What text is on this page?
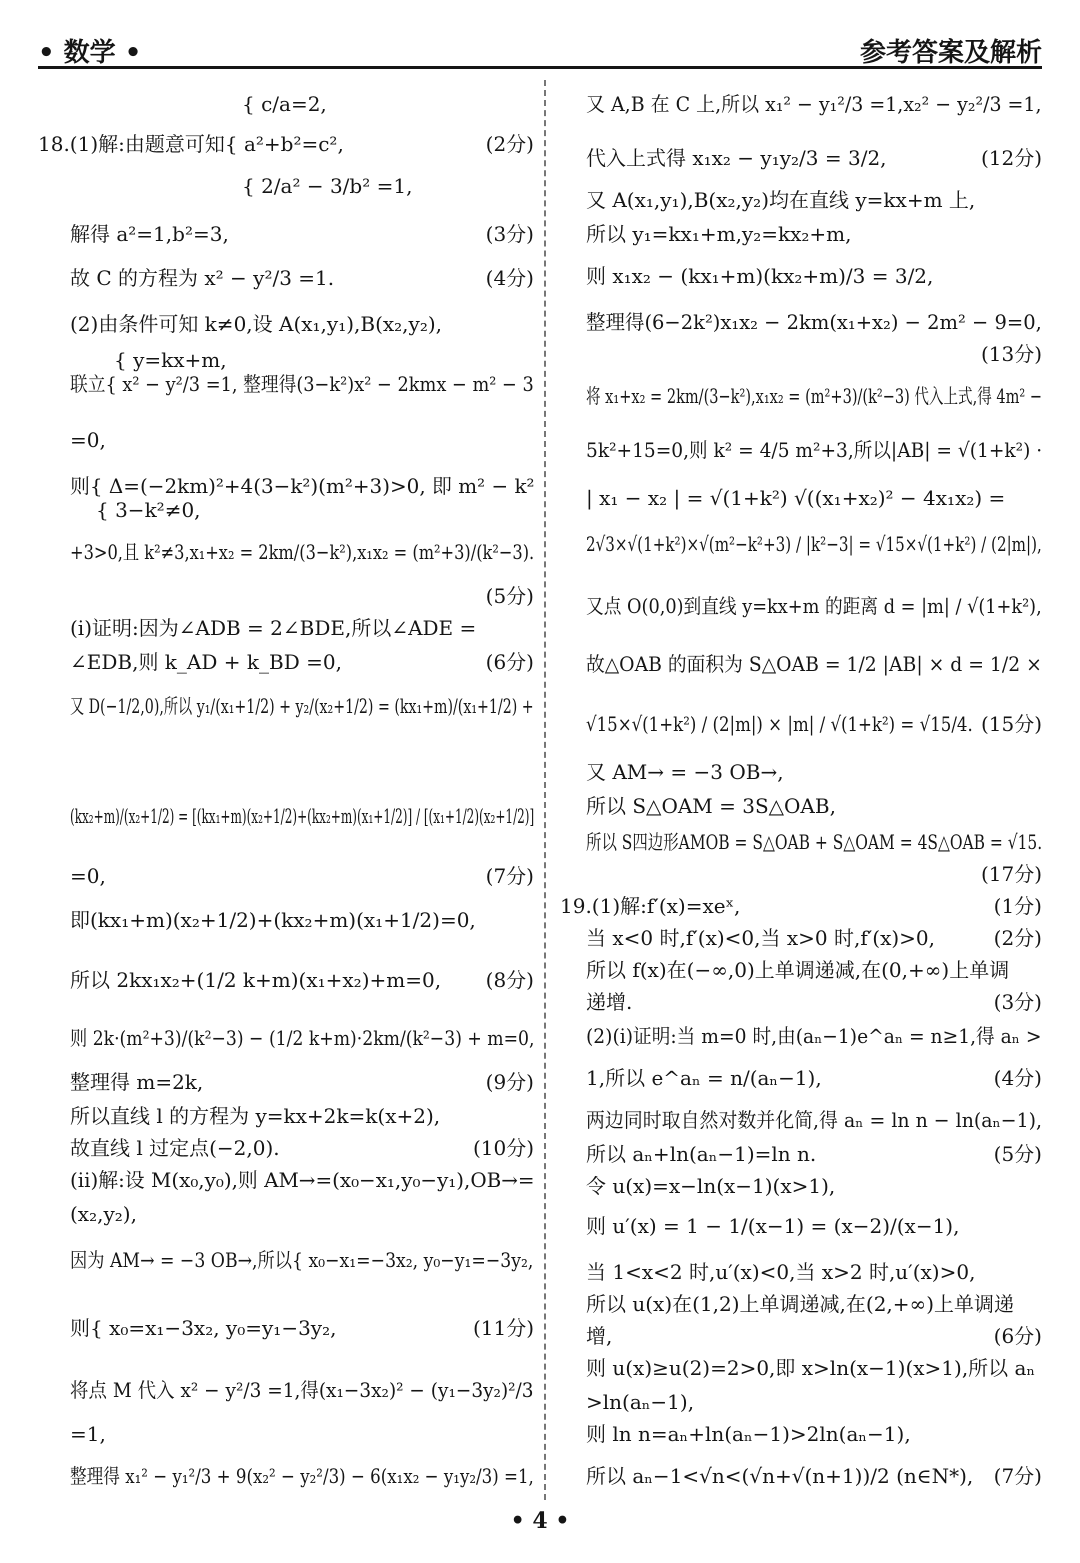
• 数学 •	参考答案及解析
{ c/a=2,
18.(1)解:由题意可知{ a²+b²=c²,	(2分)
{ 2/a² − 3/b² =1,
解得 a²=1,b²=3,	(3分)
故 C 的方程为 x² − y²/3 =1.	(4分)
(2)由条件可知 k≠0,设 A(x₁,y₁),B(x₂,y₂),
{ y=kx+m,
联立{ x² − y²/3 =1, 整理得(3−k²)x² − 2kmx − m² − 3
=0,
则{ Δ=(−2km)²+4(3−k²)(m²+3)>0, 即 m² − k²
{ 3−k²≠0,
+3>0,且 k²≠3,x₁+x₂ = 2km/(3−k²),x₁x₂ = (m²+3)/(k²−3).
(5分)
(i)证明:因为∠ADB = 2∠BDE,所以∠ADE =
∠EDB,则 k_AD + k_BD =0,	(6分)
又 D(−1/2,0),所以 y₁/(x₁+1/2) + y₂/(x₂+1/2) = (kx₁+m)/(x₁+1/2) +
(kx₂+m)/(x₂+1/2) = [(kx₁+m)(x₂+1/2)+(kx₂+m)(x₁+1/2)] / [(x₁+1/2)(x₂+1/2)]
=0,	(7分)
即(kx₁+m)(x₂+1/2)+(kx₂+m)(x₁+1/2)=0,
所以 2kx₁x₂+(1/2 k+m)(x₁+x₂)+m=0, (8分)
则 2k·(m²+3)/(k²−3) − (1/2 k+m)·2km/(k²−3) + m=0,
整理得 m=2k,	(9分)
所以直线 l 的方程为 y=kx+2k=k(x+2),
故直线 l 过定点(−2,0).	(10分)
(ii)解:设 M(x₀,y₀),则 AM→=(x₀−x₁,y₀−y₁),OB→=
(x₂,y₂),
因为 AM→ = −3 OB→,所以{ x₀−x₁=−3x₂, y₀−y₁=−3y₂,
则{ x₀=x₁−3x₂, y₀=y₁−3y₂,	(11分)
将点 M 代入 x² − y²/3 =1,得(x₁−3x₂)² − (y₁−3y₂)²/3
=1,
整理得 x₁² − y₁²/3 + 9(x₂² − y₂²/3) − 6(x₁x₂ − y₁y₂/3) =1,
又 A,B 在 C 上,所以 x₁² − y₁²/3 =1,x₂² − y₂²/3 =1,
代入上式得 x₁x₂ − y₁y₂/3 = 3/2,	(12分)
又 A(x₁,y₁),B(x₂,y₂)均在直线 y=kx+m 上,
所以 y₁=kx₁+m,y₂=kx₂+m,
则 x₁x₂ − (kx₁+m)(kx₂+m)/3 = 3/2,
整理得(6−2k²)x₁x₂ − 2km(x₁+x₂) − 2m² − 9=0,
(13分)
将 x₁+x₂ = 2km/(3−k²),x₁x₂ = (m²+3)/(k²−3) 代入上式,得 4m² −
5k²+15=0,则 k² = 4/5 m²+3,所以|AB| = √(1+k²) ·
| x₁ − x₂ | = √(1+k²) √((x₁+x₂)² − 4x₁x₂) =
2√3×√(1+k²)×√(m²−k²+3) / |k²−3| = √15×√(1+k²) / (2|m|),
又点 O(0,0)到直线 y=kx+m 的距离 d = |m| / √(1+k²),
故△OAB 的面积为 S△OAB = 1/2 |AB| × d = 1/2 ×
√15×√(1+k²) / (2|m|) × |m| / √(1+k²) = √15/4. (15分)
又 AM→ = −3 OB→,
所以 S△OAM = 3S△OAB,
所以 S四边形AMOB = S△OAB + S△OAM = 4S△OAB = √15.
(17分)
19.(1)解:f′(x)=xeˣ,	(1分)
当 x<0 时,f′(x)<0,当 x>0 时,f′(x)>0,	(2分)
所以 f(x)在(−∞,0)上单调递减,在(0,+∞)上单调
递增.	(3分)
(2)(i)证明:当 m=0 时,由(aₙ−1)e^aₙ = n≥1,得 aₙ >
1,所以 e^aₙ = n/(aₙ−1),	(4分)
两边同时取自然对数并化简,得 aₙ = ln n − ln(aₙ−1),
所以 aₙ+ln(aₙ−1)=ln n.	(5分)
令 u(x)=x−ln(x−1)(x>1),
则 u′(x) = 1 − 1/(x−1) = (x−2)/(x−1),
当 1<x<2 时,u′(x)<0,当 x>2 时,u′(x)>0,
所以 u(x)在(1,2)上单调递减,在(2,+∞)上单调递
增,	(6分)
则 u(x)≥u(2)=2>0,即 x>ln(x−1)(x>1),所以 aₙ
>ln(aₙ−1),
则 ln n=aₙ+ln(aₙ−1)>2ln(aₙ−1),
所以 aₙ−1<√n<(√n+√(n+1))/2 (n∈N*), (7分)
• 4 •
